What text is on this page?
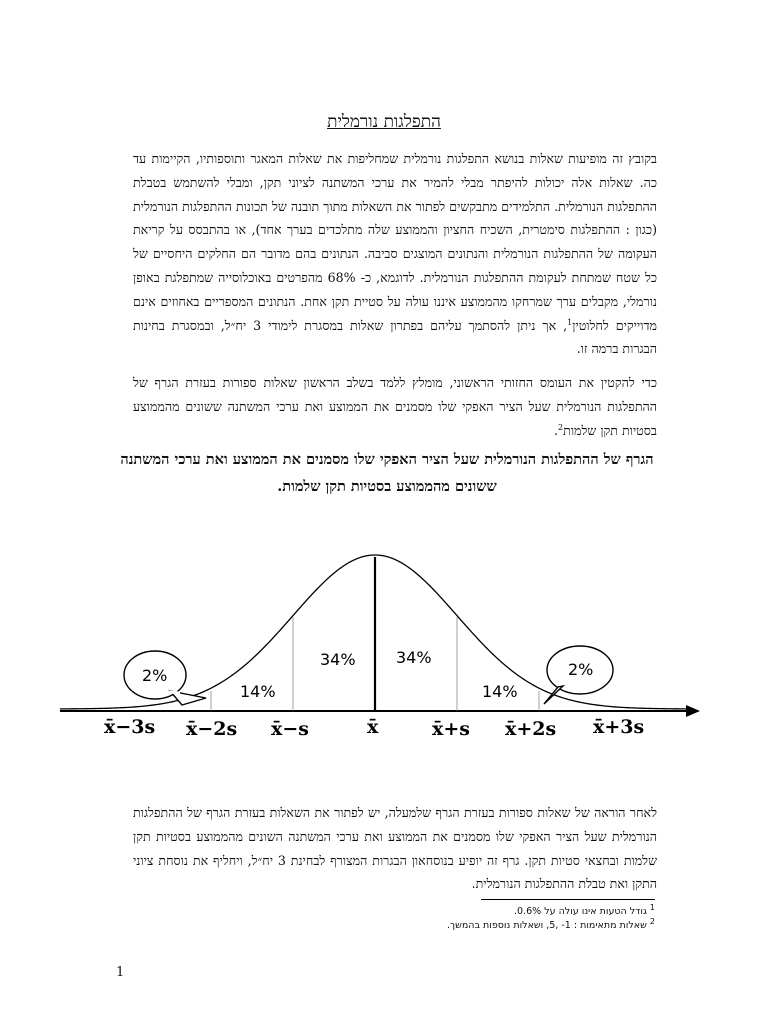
התפלגות נורמלית

בקובץ זה מופיעות שאלות בנושא התפלגות נורמלית שמחליפות את שאלות המאגר ותוספותיו, הקיימות עד כה. שאלות אלה יכולות להיפתר מבלי להמיר את ערכי המשתנה לציוני תקן, ומבלי להשתמש בטבלת ההתפלגות הנורמלית. התלמידים מתבקשים לפתור את השאלות מתוך תובנה של תכונות ההתפלגות הנורמלית (כגון : ההתפלגות סימטרית, השכיח החציון והממוצע שלה מתלכדים בערך אחד), או בהתבסס על קריאת העקומה של ההתפלגות הנורמלית והנתונים המוצגים סביבה. הנתונים בהם מדובר הם החלקים היחסיים של כל שטח שמתחת לעקומת ההתפלגות הנורמלית. לדוגמא, כ- 68% מהפרטים באוכלוסייה שמתפלגת באופן נורמלי, מקבלים ערך שמרחקו מהממוצע איננו עולה על סטיית תקן אחת. הנתונים המספריים באחוזים אינם מדוייקים לחלוטין$^1$, אך ניתן להסתמך עליהם בפתרון שאלות במסגרת לימודי 3 יח״ל, ובמסגרת בחינות הבגרות ברמה זו.

כדי להקטין את העומס החזותי הראשוני, מומלץ ללמד בשלב הראשון שאלות ספורות בעזרת הגרף של ההתפלגות הנורמלית שעל הציר האפקי שלו מסמנים את הממוצע ואת ערכי המשתנה ששונים מהממוצע בסטיות תקן שלמות$^2$.

הגרף של ההתפלגות הנורמלית שעל הציר האפקי שלו מסמנים את הממוצע ואת ערכי המשתנה ששונים מהממוצע בסטיות תקן שלמות.

34%	34%
14%	14%
2%	2%
x̄−3s x̄−2s x̄−s	x̄	x̄+s x̄+2s x̄+3s

לאחר הוראה של שאלות ספורות בעזרת הגרף שלמעלה, יש לפתור את השאלות בעזרת הגרף של ההתפלגות הנורמלית שעל הציר האפקי שלו מסמנים את הממוצע ואת ערכי המשתנה השונים מהממוצע בסטיות תקן שלמות ובחצאי סטיות תקן. גרף זה יופיע בנוסחאון הבגרות המצורף לבחינת 3 יח״ל, ויחליף את נוסחת ציוני התקן ואת טבלת ההתפלגות הנורמלית.

$^1$ גודל הטעות אינו עולה על 0.6%.

$^2$ שאלות מתאימות : 1- ,5, ושאלות נוספות בהמשך.

1
